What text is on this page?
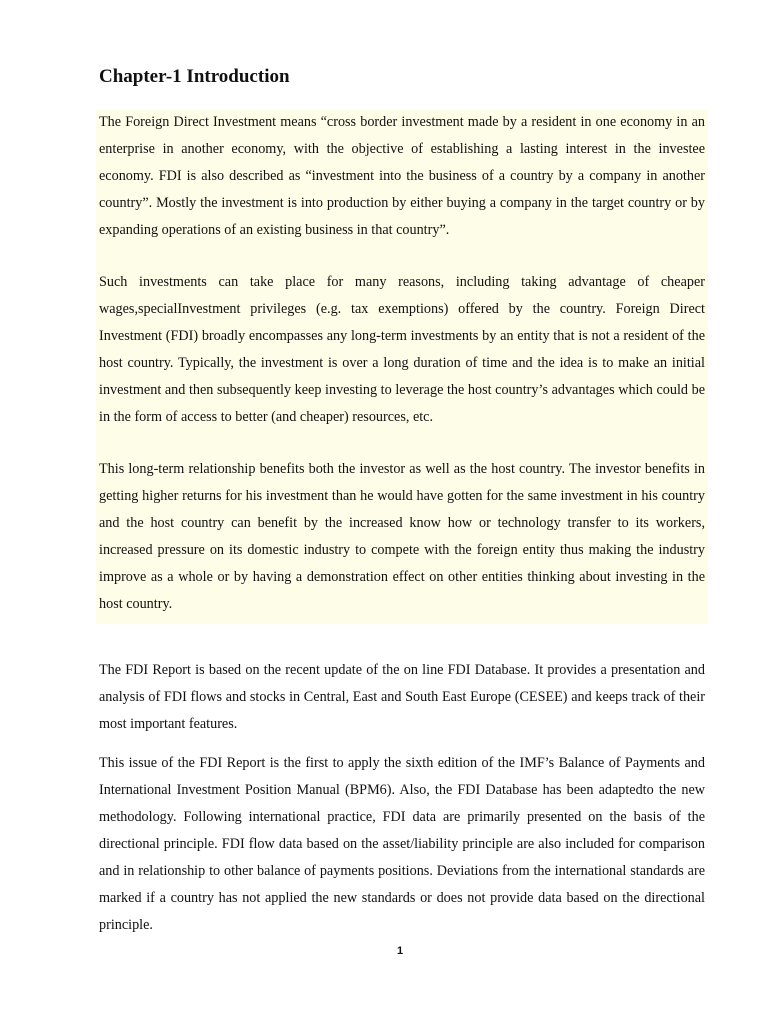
Chapter-1 Introduction

The Foreign Direct Investment means “cross border investment made by a resident in one economy in an enterprise in another economy, with the objective of establishing a lasting interest in the investee economy. FDI is also described as “investment into the business of a country by a company in another country”. Mostly the investment is into production by either buying a company in the target country or by expanding operations of an existing business in that country”.

Such investments can take place for many reasons, including taking advantage of cheaper wages,specialInvestment privileges (e.g. tax exemptions) offered by the country. Foreign Direct Investment (FDI) broadly encompasses any long-term investments by an entity that is not a resident of the host country. Typically, the investment is over a long duration of time and the idea is to make an initial investment and then subsequently keep investing to leverage the host country’s advantages which could be in the form of access to better (and cheaper) resources, etc.

This long-term relationship benefits both the investor as well as the host country. The investor benefits in getting higher returns for his investment than he would have gotten for the same investment in his country and the host country can benefit by the increased know how or technology transfer to its workers, increased pressure on its domestic industry to compete with the foreign entity thus making the industry improve as a whole or by having a demonstration effect on other entities thinking about investing in the host country.

The FDI Report is based on the recent update of the on line FDI Database. It provides a presentation and analysis of FDI flows and stocks in Central, East and South East Europe (CESEE) and keeps track of their most important features.

This issue of the FDI Report is the first to apply the sixth edition of the IMF’s Balance of Payments and International Investment Position Manual (BPM6). Also, the FDI Database has been adaptedto the new methodology. Following international practice, FDI data are primarily presented on the basis of the directional principle. FDI flow data based on the asset/liability principle are also included for comparison and in relationship to other balance of payments positions. Deviations from the international standards are marked if a country has not applied the new standards or does not provide data based on the directional principle.

1
